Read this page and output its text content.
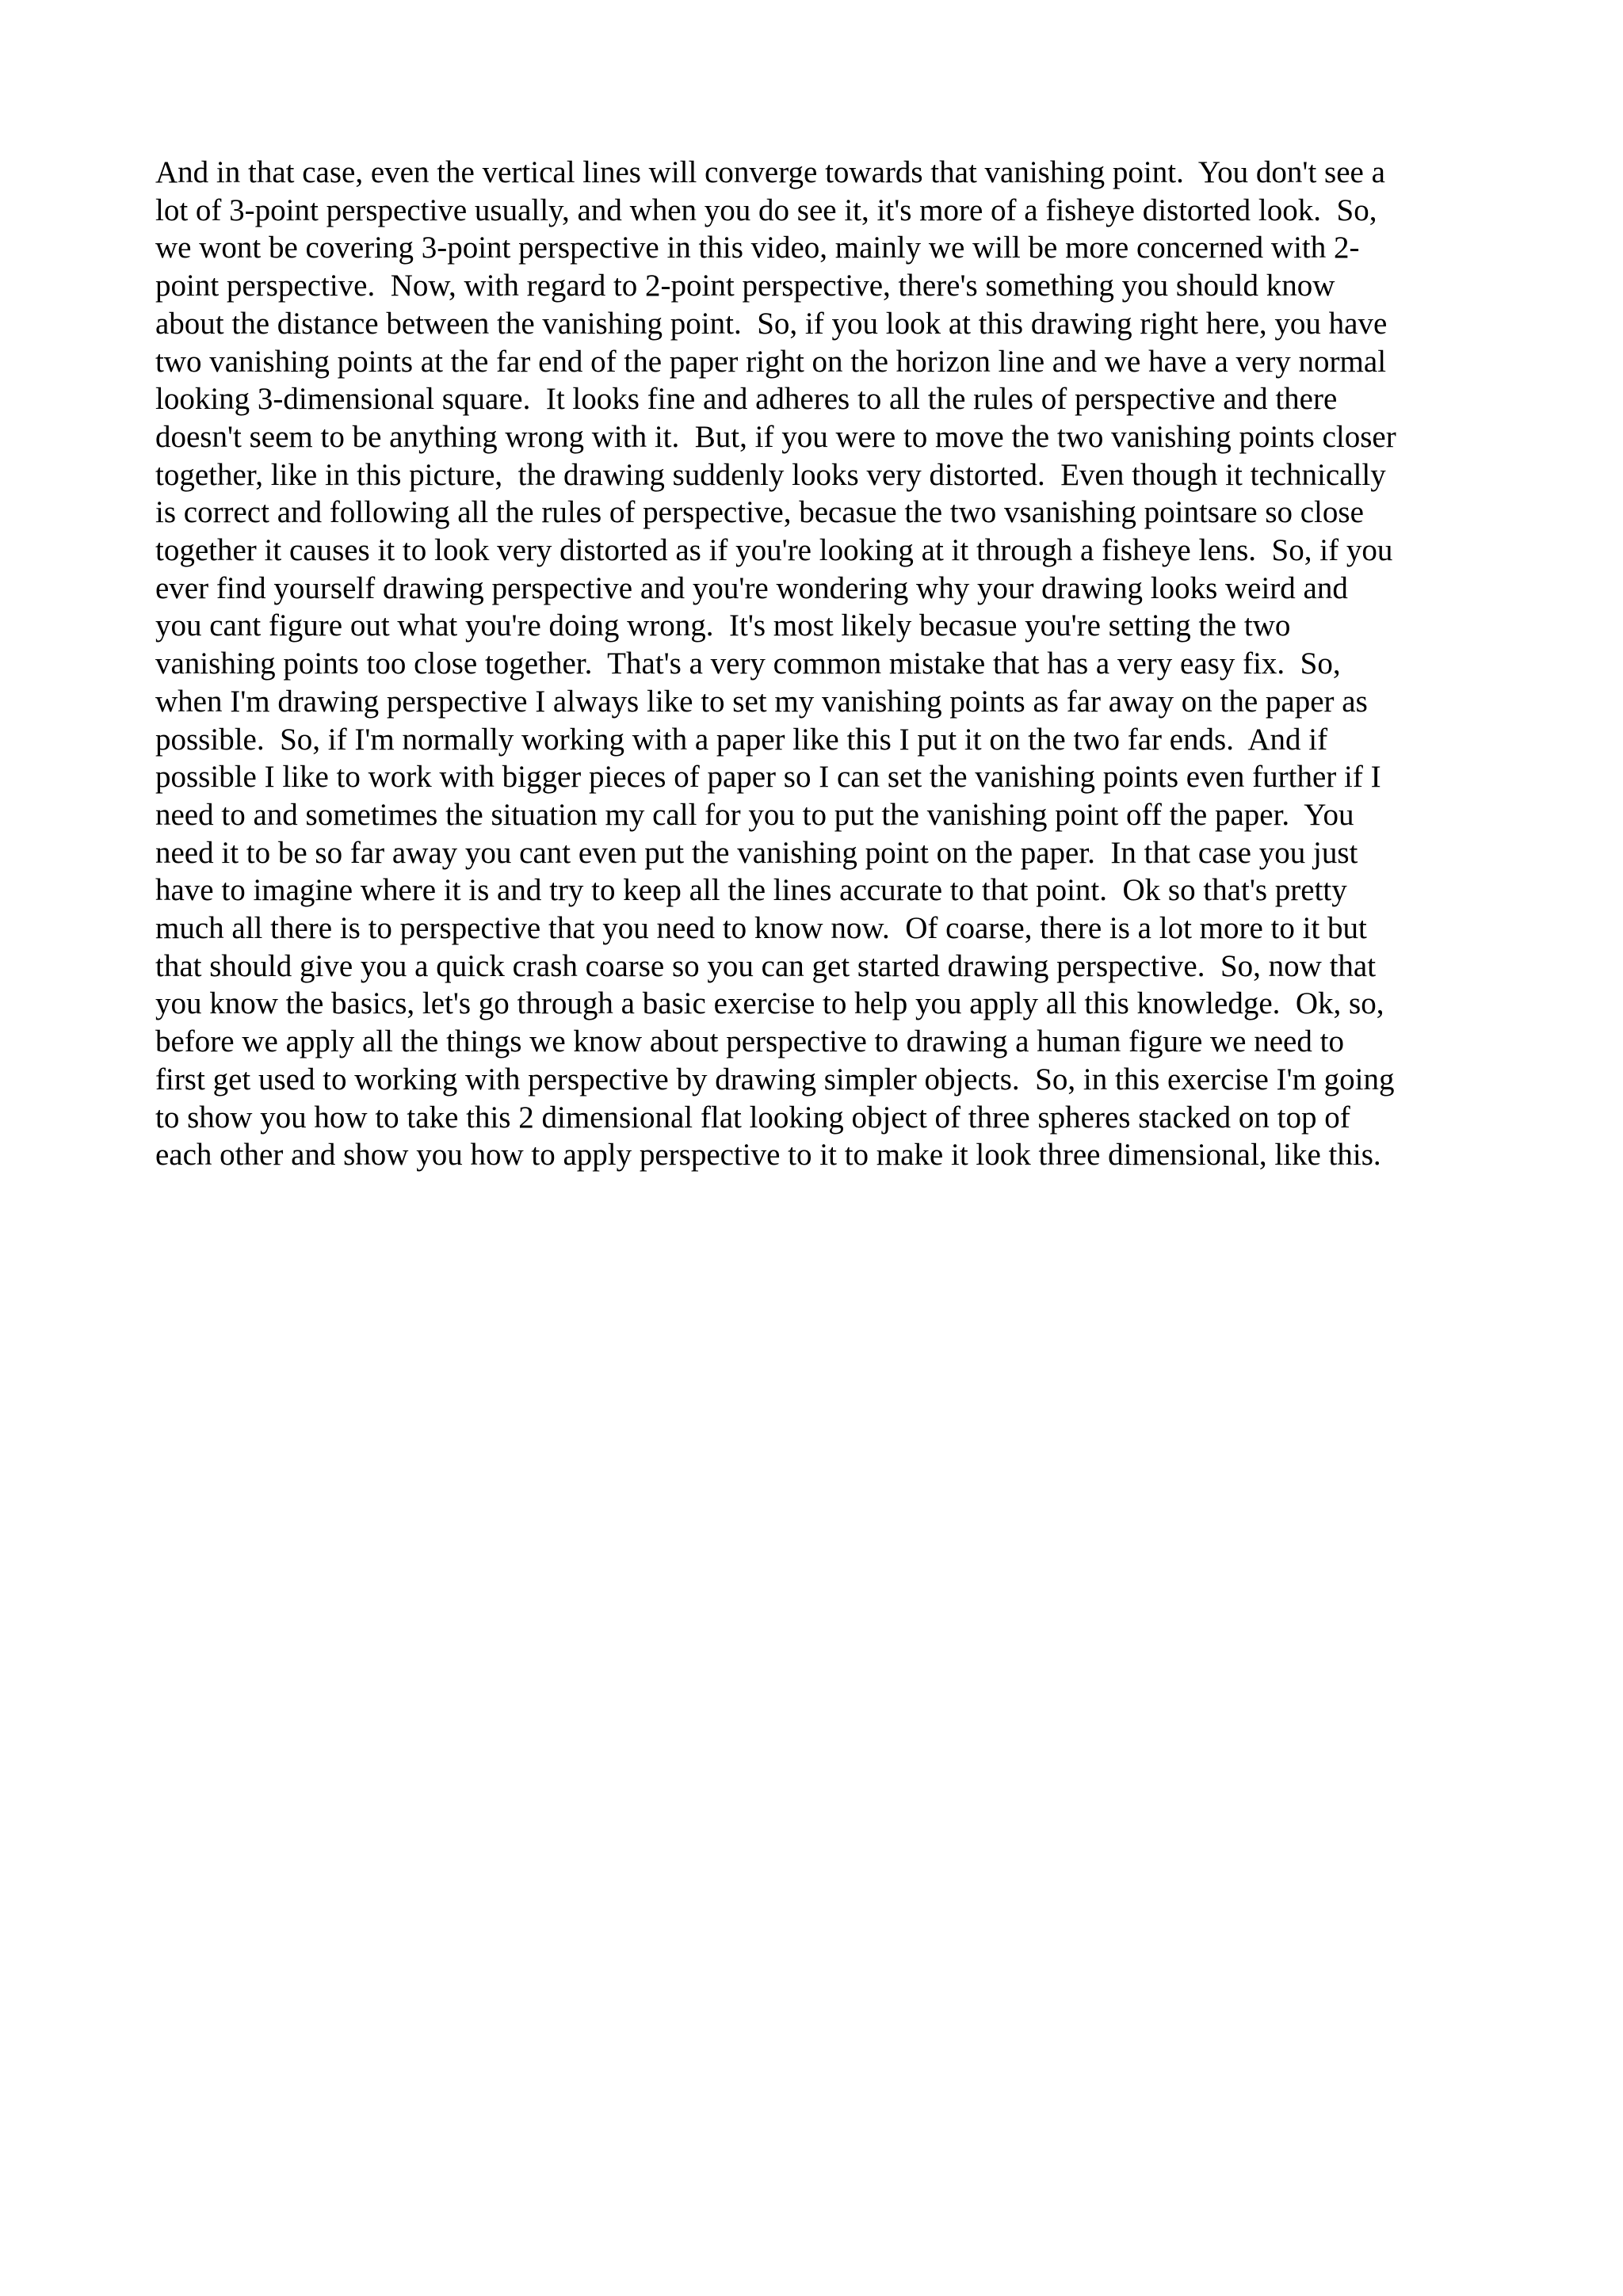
And in that case, even the vertical lines will converge towards that vanishing point.  You don't see a
lot of 3-point perspective usually, and when you do see it, it's more of a fisheye distorted look.  So,
we wont be covering 3-point perspective in this video, mainly we will be more concerned with 2-
point perspective.  Now, with regard to 2-point perspective, there's something you should know
about the distance between the vanishing point.  So, if you look at this drawing right here, you have
two vanishing points at the far end of the paper right on the horizon line and we have a very normal
looking 3-dimensional square.  It looks fine and adheres to all the rules of perspective and there
doesn't seem to be anything wrong with it.  But, if you were to move the two vanishing points closer
together, like in this picture,  the drawing suddenly looks very distorted.  Even though it technically
is correct and following all the rules of perspective, becasue the two vsanishing pointsare so close
together it causes it to look very distorted as if you're looking at it through a fisheye lens.  So, if you
ever find yourself drawing perspective and you're wondering why your drawing looks weird and
you cant figure out what you're doing wrong.  It's most likely becasue you're setting the two
vanishing points too close together.  That's a very common mistake that has a very easy fix.  So,
when I'm drawing perspective I always like to set my vanishing points as far away on the paper as
possible.  So, if I'm normally working with a paper like this I put it on the two far ends.  And if
possible I like to work with bigger pieces of paper so I can set the vanishing points even further if I
need to and sometimes the situation my call for you to put the vanishing point off the paper.  You
need it to be so far away you cant even put the vanishing point on the paper.  In that case you just
have to imagine where it is and try to keep all the lines accurate to that point.  Ok so that's pretty
much all there is to perspective that you need to know now.  Of coarse, there is a lot more to it but
that should give you a quick crash coarse so you can get started drawing perspective.  So, now that
you know the basics, let's go through a basic exercise to help you apply all this knowledge.  Ok, so,
before we apply all the things we know about perspective to drawing a human figure we need to
first get used to working with perspective by drawing simpler objects.  So, in this exercise I'm going
to show you how to take this 2 dimensional flat looking object of three spheres stacked on top of
each other and show you how to apply perspective to it to make it look three dimensional, like this.
